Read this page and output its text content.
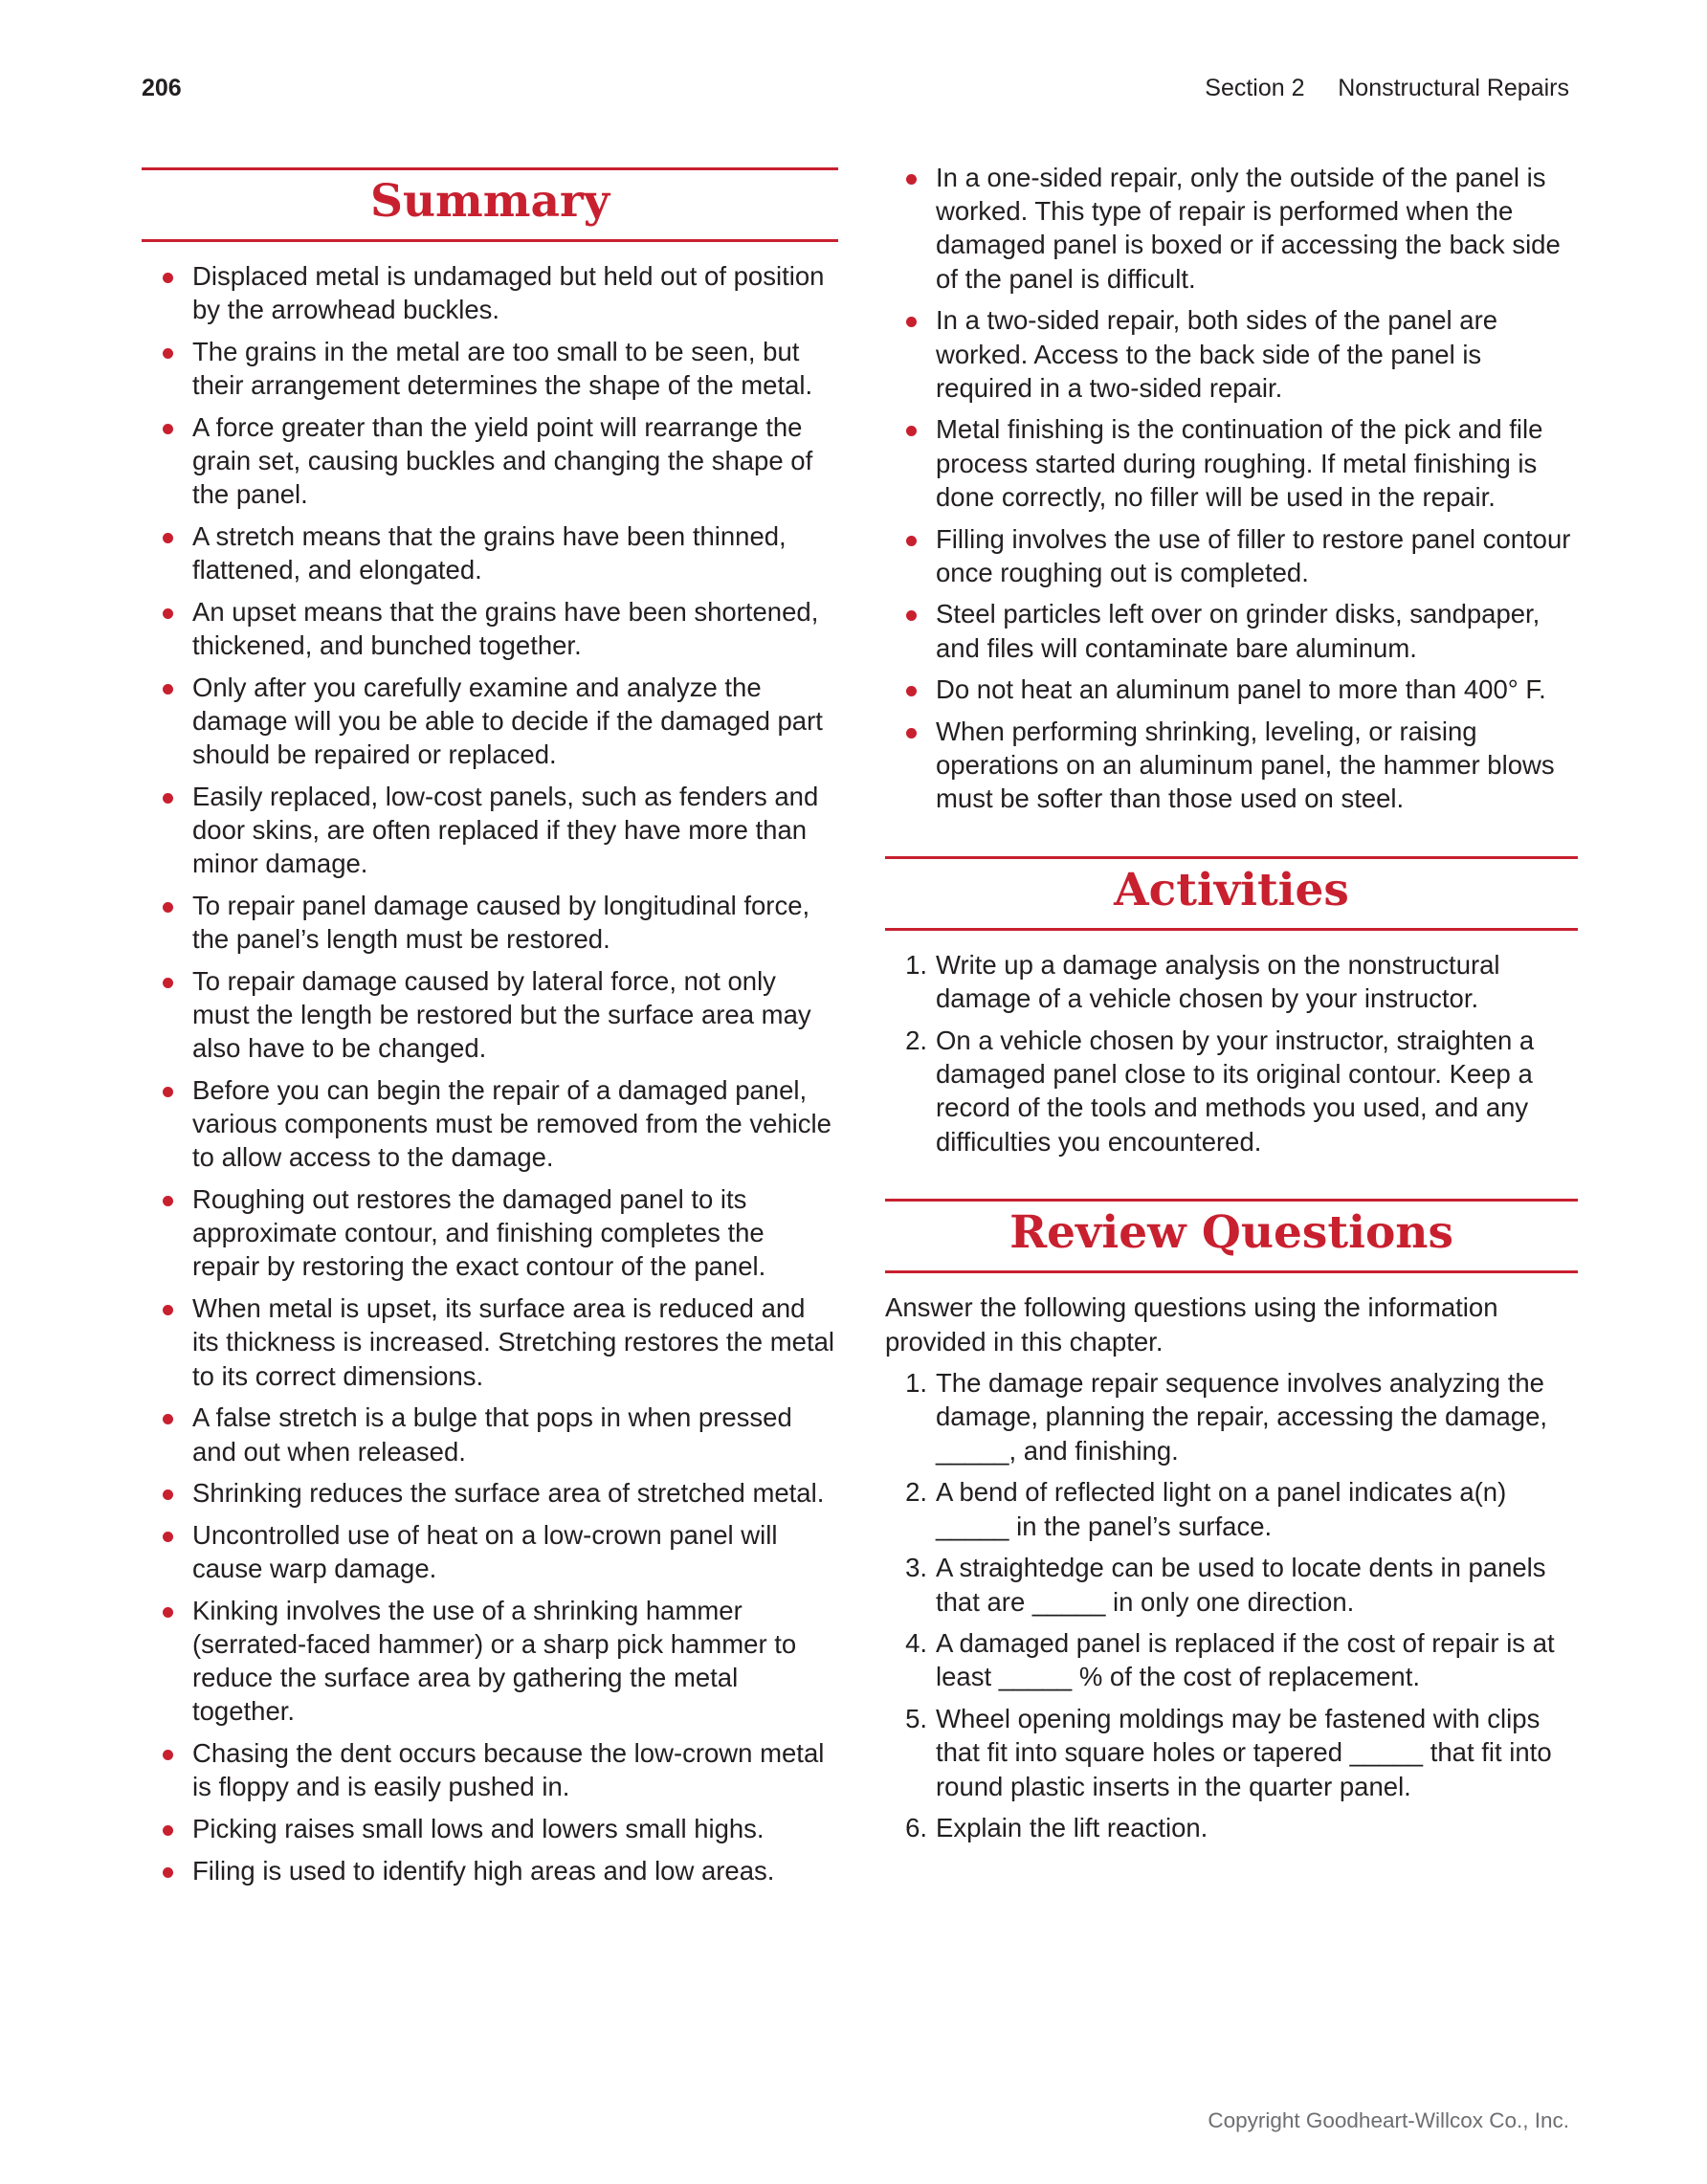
206	Section 2     Nonstructural Repairs
Summary
Displaced metal is undamaged but held out of position by the arrowhead buckles.
The grains in the metal are too small to be seen, but their arrangement determines the shape of the metal.
A force greater than the yield point will rearrange the grain set, causing buckles and changing the shape of the panel.
A stretch means that the grains have been thinned, flattened, and elongated.
An upset means that the grains have been shortened, thickened, and bunched together.
Only after you carefully examine and analyze the damage will you be able to decide if the damaged part should be repaired or replaced.
Easily replaced, low-cost panels, such as fenders and door skins, are often replaced if they have more than minor damage.
To repair panel damage caused by longitudinal force, the panel’s length must be restored.
To repair damage caused by lateral force, not only must the length be restored but the surface area may also have to be changed.
Before you can begin the repair of a damaged panel, various components must be removed from the vehicle to allow access to the damage.
Roughing out restores the damaged panel to its approximate contour, and finishing completes the repair by restoring the exact contour of the panel.
When metal is upset, its surface area is reduced and its thickness is increased. Stretching restores the metal to its correct dimensions.
A false stretch is a bulge that pops in when pressed and out when released.
Shrinking reduces the surface area of stretched metal.
Uncontrolled use of heat on a low-crown panel will cause warp damage.
Kinking involves the use of a shrinking hammer (serrated-faced hammer) or a sharp pick hammer to reduce the surface area by gathering the metal together.
Chasing the dent occurs because the low-crown metal is floppy and is easily pushed in.
Picking raises small lows and lowers small highs.
Filing is used to identify high areas and low areas.
In a one-sided repair, only the outside of the panel is worked. This type of repair is performed when the damaged panel is boxed or if accessing the back side of the panel is difficult.
In a two-sided repair, both sides of the panel are worked. Access to the back side of the panel is required in a two-sided repair.
Metal finishing is the continuation of the pick and file process started during roughing. If metal finishing is done correctly, no filler will be used in the repair.
Filling involves the use of filler to restore panel contour once roughing out is completed.
Steel particles left over on grinder disks, sandpaper, and files will contaminate bare aluminum.
Do not heat an aluminum panel to more than 400° F.
When performing shrinking, leveling, or raising operations on an aluminum panel, the hammer blows must be softer than those used on steel.
Activities
1. Write up a damage analysis on the nonstructural damage of a vehicle chosen by your instructor.
2. On a vehicle chosen by your instructor, straighten a damaged panel close to its original contour. Keep a record of the tools and methods you used, and any difficulties you encountered.
Review Questions
Answer the following questions using the information provided in this chapter.
1. The damage repair sequence involves analyzing the damage, planning the repair, accessing the damage, _____, and finishing.
2. A bend of reflected light on a panel indicates a(n) _____ in the panel’s surface.
3. A straightedge can be used to locate dents in panels that are _____ in only one direction.
4. A damaged panel is replaced if the cost of repair is at least _____ % of the cost of replacement.
5. Wheel opening moldings may be fastened with clips that fit into square holes or tapered _____ that fit into round plastic inserts in the quarter panel.
6. Explain the lift reaction.
Copyright Goodheart-Willcox Co., Inc.
